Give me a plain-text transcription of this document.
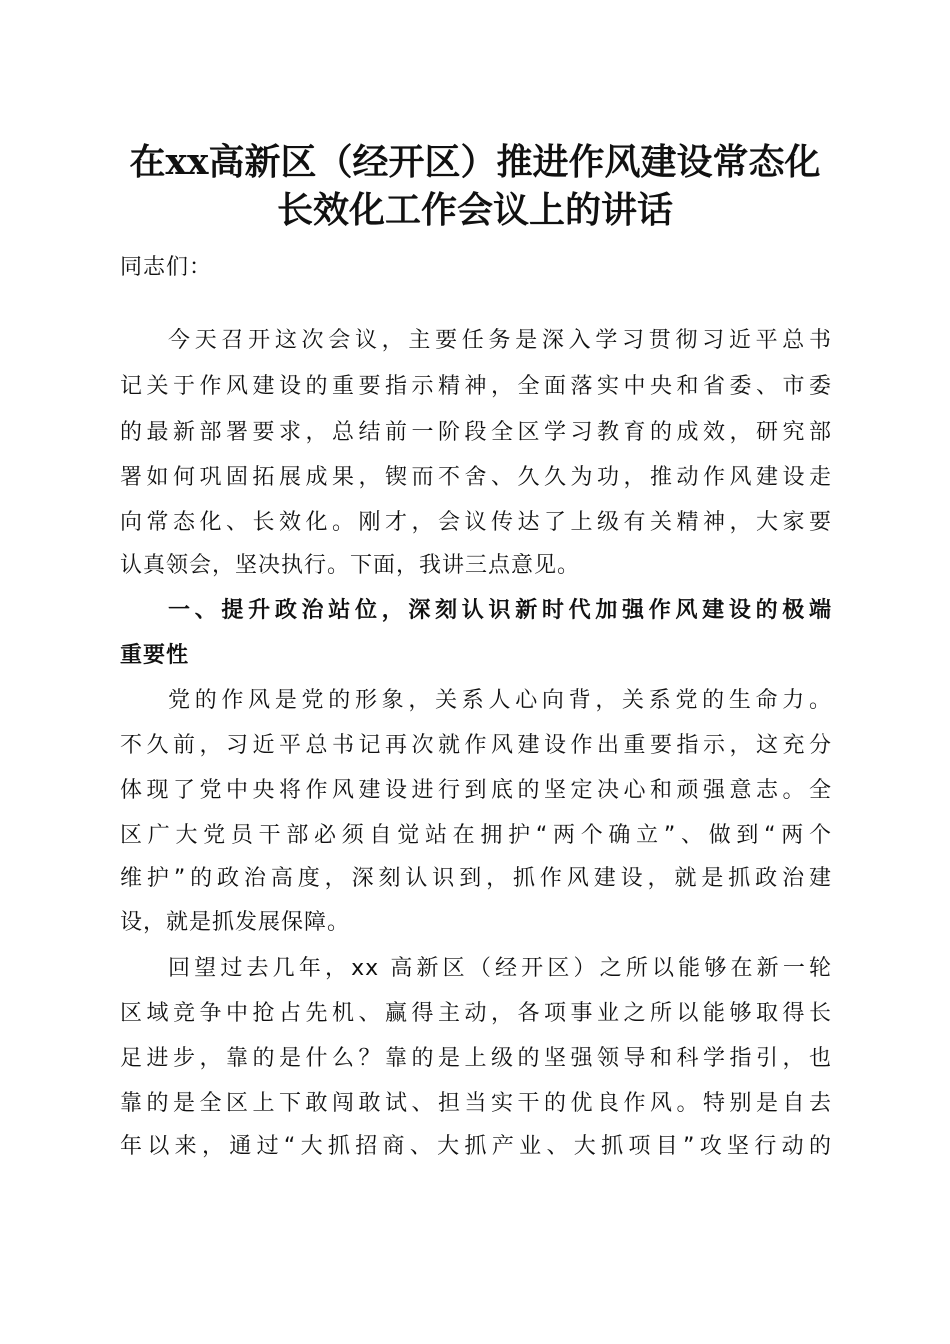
在xx高新区（经开区）推进作风建设常态化
长效化工作会议上的讲话

同志们：

今天召开这次会议，主要任务是深入学习贯彻习近平总书

记关于作风建设的重要指示精神，全面落实中央和省委、市委

的最新部署要求，总结前一阶段全区学习教育的成效，研究部

署如何巩固拓展成果，锲而不舍、久久为功，推动作风建设走

向常态化、长效化。刚才，会议传达了上级有关精神，大家要

认真领会，坚决执行。下面，我讲三点意见。

一、提升政治站位，深刻认识新时代加强作风建设的极端

重要性

党的作风是党的形象，关系人心向背，关系党的生命力。

不久前，习近平总书记再次就作风建设作出重要指示，这充分

体现了党中央将作风建设进行到底的坚定决心和顽强意志。全

区广大党员干部必须自觉站在拥护“两个确立”、做到“两个

维护”的政治高度，深刻认识到，抓作风建设，就是抓政治建

设，就是抓发展保障。

回望过去几年，xx 高新区（经开区）之所以能够在新一轮

区域竞争中抢占先机、赢得主动，各项事业之所以能够取得长

足进步，靠的是什么？靠的是上级的坚强领导和科学指引，也

靠的是全区上下敢闯敢试、担当实干的优良作风。特别是自去

年以来，通过“大抓招商、大抓产业、大抓项目”攻坚行动的
